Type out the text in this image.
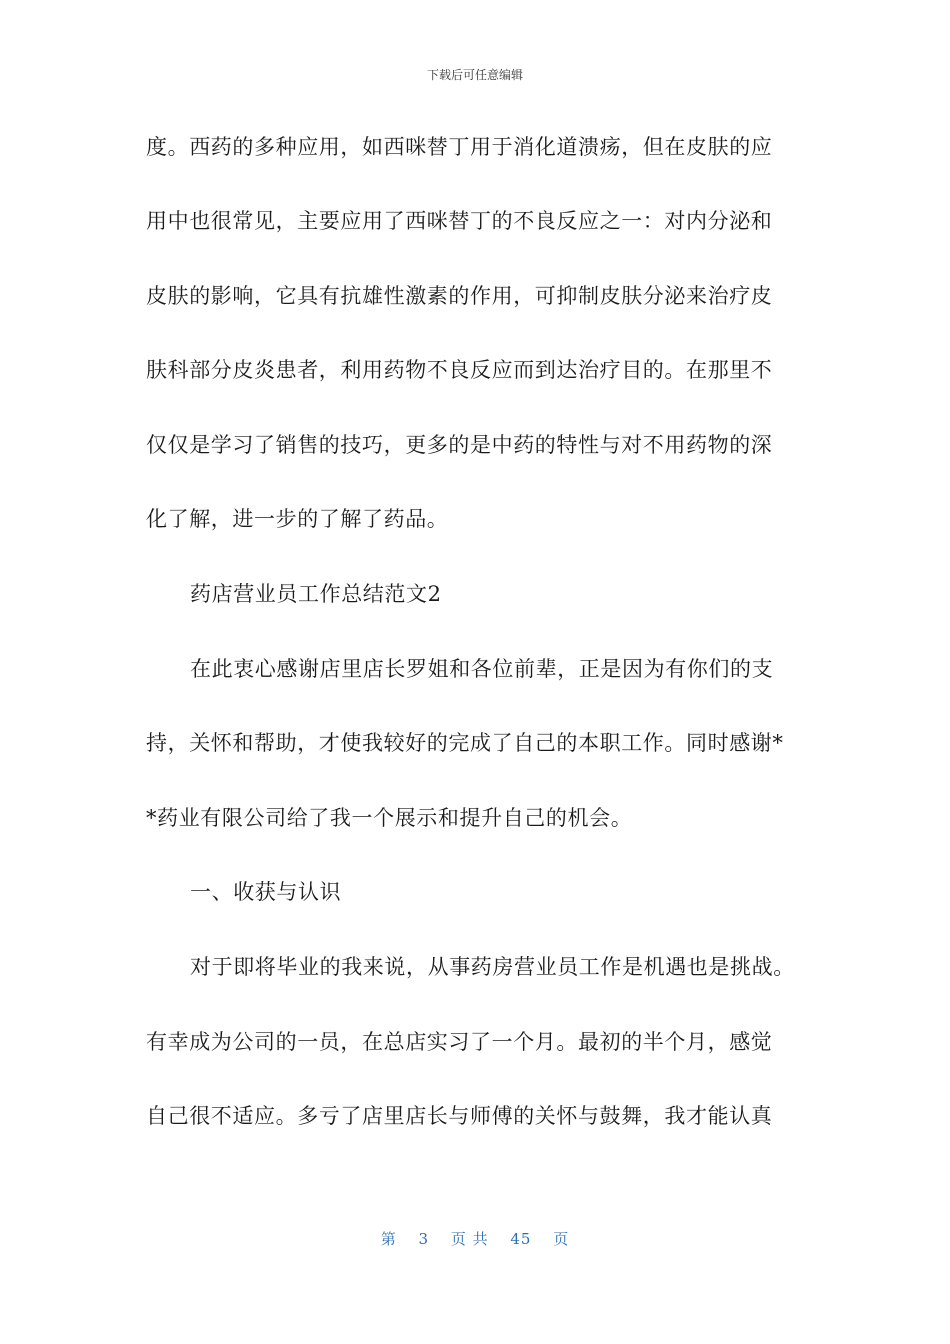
下载后可任意编辑
度。西药的多种应用，如西咪替丁用于消化道溃疡，但在皮肤的应
用中也很常见，主要应用了西咪替丁的不良反应之一：对内分泌和
皮肤的影响，它具有抗雄性激素的作用，可抑制皮肤分泌来治疗皮
肤科部分皮炎患者，利用药物不良反应而到达治疗目的。在那里不
仅仅是学习了销售的技巧，更多的是中药的特性与对不用药物的深
化了解，进一步的了解了药品。
药店营业员工作总结范文2
在此衷心感谢店里店长罗姐和各位前辈，正是因为有你们的支
持，关怀和帮助，才使我较好的完成了自己的本职工作。同时感谢*
*药业有限公司给了我一个展示和提升自己的机会。
一、收获与认识
对于即将毕业的我来说，从事药房营业员工作是机遇也是挑战。
有幸成为公司的一员，在总店实习了一个月。最初的半个月，感觉
自己很不适应。多亏了店里店长与师傅的关怀与鼓舞，我才能认真
第 3 页 共 45 页
